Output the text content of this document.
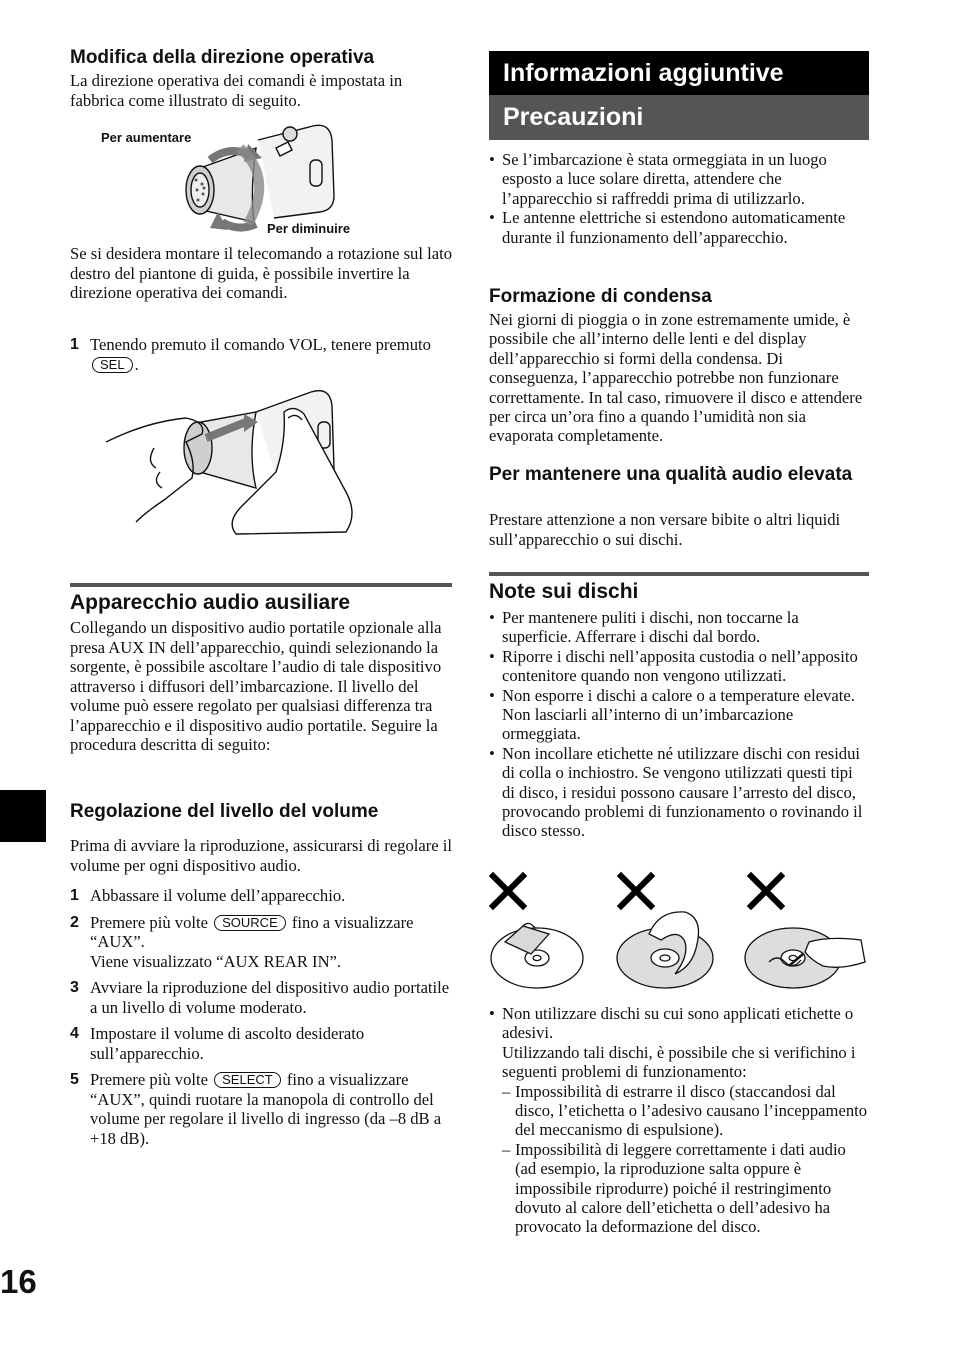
Modifica della direzione operativa

La direzione operativa dei comandi è impostata in fabbrica come illustrato di seguito.

Per aumentare
Per diminuire

Se si desidera montare il telecomando a rotazione sul lato destro del piantone di guida, è possibile invertire la direzione operativa dei comandi.

1 Tenendo premuto il comando VOL, tenere premuto SEL .
Apparecchio audio ausiliare

Collegando un dispositivo audio portatile opzionale alla presa AUX IN dell’apparecchio, quindi selezionando la sorgente, è possibile ascoltare l’audio di tale dispositivo attraverso i diffusori dell’imbarcazione. Il livello del volume può essere regolato per qualsiasi differenza tra l’apparecchio e il dispositivo audio portatile. Seguire la procedura descritta di seguito:

Regolazione del livello del volume

Prima di avviare la riproduzione, assicurarsi di regolare il volume per ogni dispositivo audio.

1 Abbassare il volume dell’apparecchio.
2 Premere più volte SOURCE fino a visualizzare “AUX”.
Viene visualizzato “AUX REAR IN”.
3 Avviare la riproduzione del dispositivo audio portatile a un livello di volume moderato.
4 Impostare il volume di ascolto desiderato sull’apparecchio.
5 Premere più volte SELECT fino a visualizzare “AUX”, quindi ruotare la manopola di controllo del volume per regolare il livello di ingresso (da –8 dB a +18 dB).
Informazioni aggiuntive
Precauzioni
• Se l’imbarcazione è stata ormeggiata in un luogo esposto a luce solare diretta, attendere che l’apparecchio si raffreddi prima di utilizzarlo.
• Le antenne elettriche si estendono automaticamente durante il funzionamento dell’apparecchio.
Formazione di condensa

Nei giorni di pioggia o in zone estremamente umide, è possibile che all’interno delle lenti e del display dell’apparecchio si formi della condensa. Di conseguenza, l’apparecchio potrebbe non funzionare correttamente. In tal caso, rimuovere il disco e attendere per circa un’ora fino a quando l’umidità non sia evaporata completamente.

Per mantenere una qualità audio elevata

Prestare attenzione a non versare bibite o altri liquidi sull’apparecchio o sui dischi.

Note sui dischi
• Per mantenere puliti i dischi, non toccarne la superficie. Afferrare i dischi dal bordo.
• Riporre i dischi nell’apposita custodia o nell’apposito contenitore quando non vengono utilizzati.
• Non esporre i dischi a calore o a temperature elevate. Non lasciarli all’interno di un’imbarcazione ormeggiata.
• Non incollare etichette né utilizzare dischi con residui di colla o inchiostro. Se vengono utilizzati questi tipi di disco, i residui possono causare l’arresto del disco, provocando problemi di funzionamento o rovinando il disco stesso.
• Non utilizzare dischi su cui sono applicati etichette o adesivi.
Utilizzando tali dischi, è possibile che si verifichino i seguenti problemi di funzionamento:
– Impossibilità di estrarre il disco (staccandosi dal disco, l’etichetta o l’adesivo causano l’inceppamento del meccanismo di espulsione).
– Impossibilità di leggere correttamente i dati audio (ad esempio, la riproduzione salta oppure è impossibile riprodurre) poiché il restringimento dovuto al calore dell’etichetta o dell’adesivo ha provocato la deformazione del disco.
16
